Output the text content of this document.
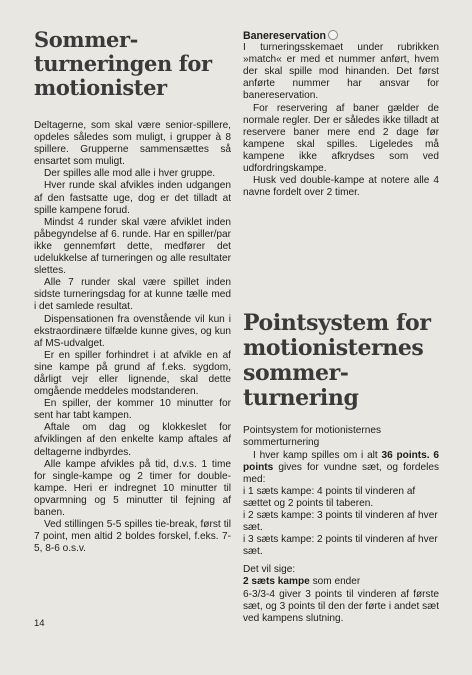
Sommer-
turneringen for
motionister

Deltagerne, som skal være senior-spillere, opdeles således som muligt, i grupper à 8 spillere. Grupperne sammensættes så ensartet som muligt.

Der spilles alle mod alle i hver gruppe.

Hver runde skal afvikles inden udgangen af den fastsatte uge, dog er det tilladt at spille kampene forud.

Mindst 4 runder skal være afviklet inden påbegyndelse af 6. runde. Har en spiller/par ikke gennemført dette, medfører det udelukkelse af turneringen og alle resultater slettes.

Alle 7 runder skal være spillet inden sidste turneringsdag for at kunne tælle med i det samlede resultat.

Dispensationen fra ovenstående vil kun i ekstraordinære tilfælde kunne gives, og kun af MS-udvalget.

Er en spiller forhindret i at afvikle en af sine kampe på grund af f.eks. sygdom, dårligt vejr eller lignende, skal dette omgående meddeles modstanderen.

En spiller, der kommer 10 minutter for sent har tabt kampen.

Aftale om dag og klokkeslet for afviklingen af den enkelte kamp aftales af deltagerne indbyrdes.

Alle kampe afvikles på tid, d.v.s. 1 time for single-kampe og 2 timer for double-kampe. Heri er indregnet 10 minutter til opvarmning og 5 minutter til fejning af banen.

Ved stillingen 5-5 spilles tie-break, først til 7 point, men altid 2 boldes forskel, f.eks. 7-5, 8-6 o.s.v.

14

Banereservation

I turneringsskemaet under rubrikken »match« er med et nummer anført, hvem der skal spille mod hinanden. Det først anførte nummer har ansvar for banereservation.

For reservering af baner gælder de normale regler. Der er således ikke tilladt at reservere baner mere end 2 dage før kampene skal spilles. Ligeledes må kampene ikke afkrydses som ved udfordringskampe.

Husk ved double-kampe at notere alle 4 navne fordelt over 2 timer.

Pointsystem for
motionisternes
sommer-
turnering

Pointsystem for motionisternes sommerturnering

I hver kamp spilles om i alt 36 points. 6 points gives for vundne sæt, og fordeles med:

i 1 sæts kampe: 4 points til vinderen af sættet og 2 points til taberen.

i 2 sæts kampe: 3 points til vinderen af hver sæt.

i 3 sæts kampe: 2 points til vinderen af hver sæt.

Det vil sige:

2 sæts kampe som ender

6-3/3-4 giver 3 points til vinderen af første sæt, og 3 points til den der førte i andet sæt ved kampens slutning.
